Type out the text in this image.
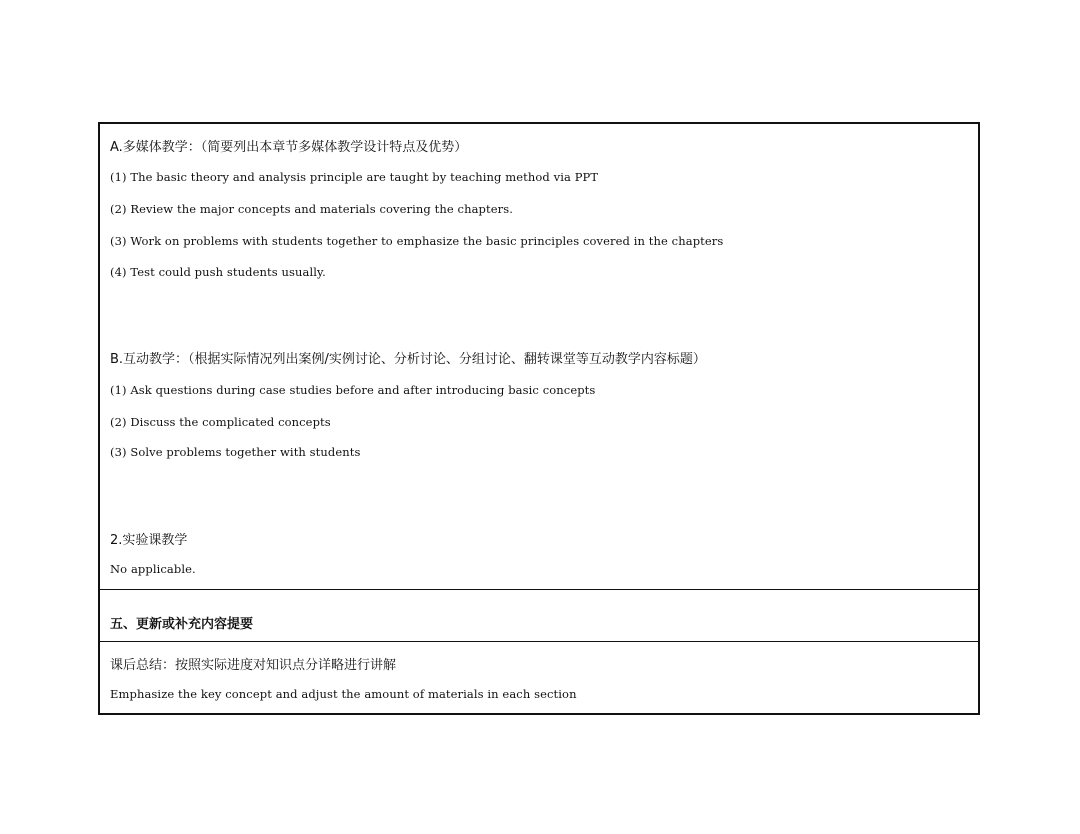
A.多媒体教学：（简要列出本章节多媒体教学设计特点及优势）
(1) The basic theory and analysis principle are taught by teaching method via PPT
(2) Review the major concepts and materials covering the chapters.
(3) Work on problems with students together to emphasize the basic principles covered in the chapters
(4) Test could push students usually.
B.互动教学：（根据实际情况列出案例/实例讨论、分析讨论、分组讨论、翻转课堂等互动教学内容标题）
(1) Ask questions during case studies before and after introducing basic concepts
(2) Discuss the complicated concepts
(3) Solve problems together with students
2.实验课教学
No applicable.
五、更新或补充内容提要
课后总结：按照实际进度对知识点分详略进行讲解
Emphasize the key concept and adjust the amount of materials in each section
